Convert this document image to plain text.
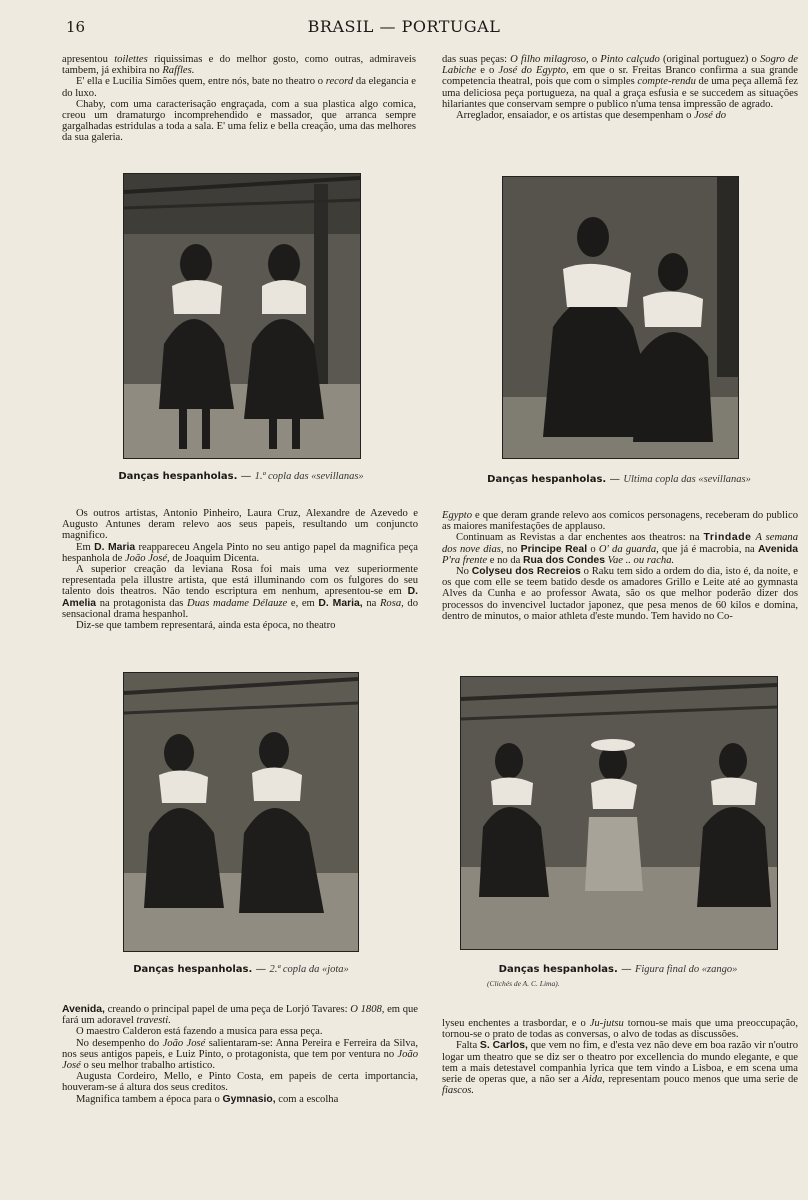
16	BRASIL — PORTUGAL

apresentou toilettes riquissimas e do melhor gosto, como outras, admiraveis tambem, já exhibira no Raffles.

E' ella e Lucilia Simões quem, entre nós, bate no theatro o record da elegancia e do luxo.

Chaby, com uma caracterisação engraçada, com a sua plastica algo comica, creou um dramaturgo incomprehendido e massador, que arranca sempre gargalhadas estridulas a toda a sala. E' uma feliz e bella creação, uma das melhores da sua galeria.

das suas peças: O filho milagroso, o Pinto calçudo (original portuguez) o Sogro de Labiche e o José do Egypto, em que o sr. Freitas Branco confirma a sua grande competencia theatral, pois que com o simples compte-rendu de uma peça allemã fez uma deliciosa peça portugueza, na qual a graça esfusia e se succedem as situações hilariantes que conservam sempre o publico n'uma tensa impressão de agrado.

Arreglador, ensaiador, e os artistas que desempenham o José do

Danças hespanholas. — 1.ª copla das «sevillanas»	Danças hespanholas. — Ultima copla das «sevillanas»

Os outros artistas, Antonio Pinheiro, Laura Cruz, Alexandre de Azevedo e Augusto Antunes deram relevo aos seus papeis, resultando um conjuncto magnifico.

Em D. Maria reappareceu Angela Pinto no seu antigo papel da magnifica peça hespanhola de João José, de Joaquim Dicenta.

A superior creação da leviana Rosa foi mais uma vez superiormente representada pela illustre artista, que está illuminando com os fulgores do seu talento dois theatros. Não tendo escriptura em nenhum, apresentou-se em D. Amelia na protagonista das Duas madame Délauze e, em D. Maria, na Rosa, do sensacional drama hespanhol.

Diz-se que tambem representará, ainda esta época, no theatro

Egypto e que deram grande relevo aos comicos personagens, receberam do publico as maiores manifestações de applauso.

Continuam as Revistas a dar enchentes aos theatros: na Trindade A semana dos nove dias, no Principe Real o O' da guarda, que já é macrobia, na Avenida P'ra frente e no da Rua dos Condes Vae .. ou racha.

No Colyseu dos Recreios o Raku tem sido a ordem do dia, isto é, da noite, e os que com elle se teem batido desde os amadores Grillo e Leite até ao gymnasta Alves da Cunha e ao professor Awata, são os que melhor poderão dizer dos processos do invencivel luctador japonez, que pesa menos de 60 kilos e domina, dentro de minutos, o maior athleta d'este mundo. Tem havido no Co-

Danças hespanholas. — 2.ª copla da «jota»	Danças hespanholas. — Figura final do «zango»
(Clichés de A. C. Lima).

Avenida, creando o principal papel de uma peça de Lorjó Tavares: O 1808, em que fará um adoravel travesti.

O maestro Calderon está fazendo a musica para essa peça.

No desempenho do João José salientaram-se: Anna Pereira e Ferreira da Silva, nos seus antigos papeis, e Luiz Pinto, o protagonista, que tem por ventura no João José o seu melhor trabalho artistico.

Augusta Cordeiro, Mello, e Pinto Costa, em papeis de certa importancia, houveram-se á altura dos seus creditos.

Magnifica tambem a época para o Gymnasio, com a escolha

lyseu enchentes a trasbordar, e o Ju-jutsu tornou-se mais que uma preoccupação, tornou-se o prato de todas as conversas, o alvo de todas as discussões.

Falta S. Carlos, que vem no fim, e d'esta vez não deve em boa razão vir n'outro logar um theatro que se diz ser o theatro por excellencia do mundo elegante, e que tem a mais detestavel companhia lyrica que tem vindo a Lisboa, e em scena uma serie de operas que, a não ser a Aida, representam pouco menos que uma serie de fiascos.
